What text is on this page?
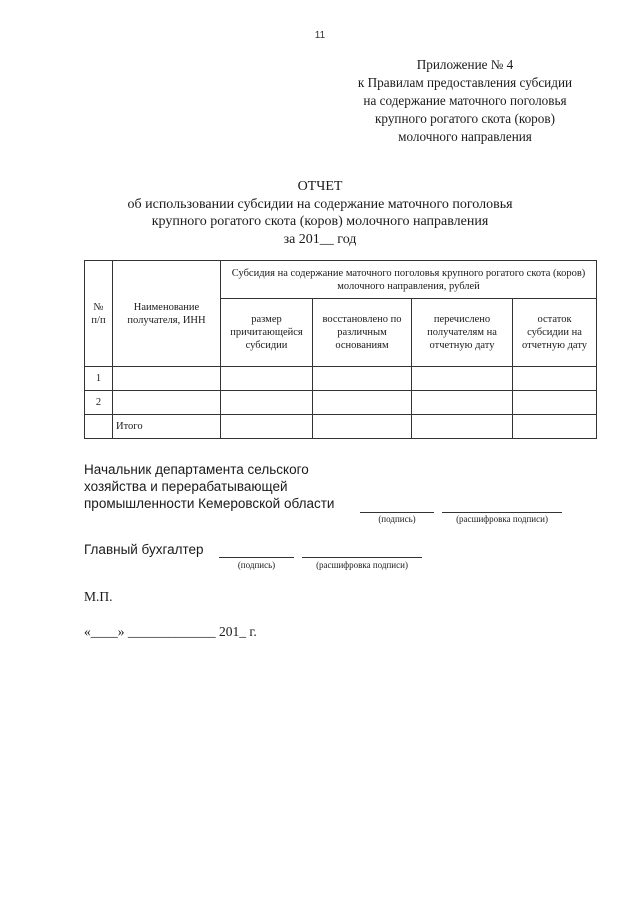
11
Приложение № 4
к Правилам предоставления субсидии
на содержание маточного поголовья
крупного рогатого скота (коров)
молочного направления
ОТЧЕТ
об использовании субсидии на содержание маточного поголовья
крупного рогатого скота (коров) молочного направления
за 201__ год
№ п/п	Наименование получателя, ИНН	Субсидия на содержание маточного поголовья крупного рогатого скота (коров) молочного направления, рублей			
		размер причитающейся субсидии	восстановлено по различным основаниям	перечислено получателям на отчетную дату	остаток субсидии на отчетную дату
1					
2					
	Итого				
Начальник департамента сельского
хозяйства и перерабатывающей
промышленности Кемеровской области
(подпись)	(расшифровка подписи)
Главный бухгалтер
(подпись)	(расшифровка подписи)
М.П.
«____» _____________ 201_ г.
